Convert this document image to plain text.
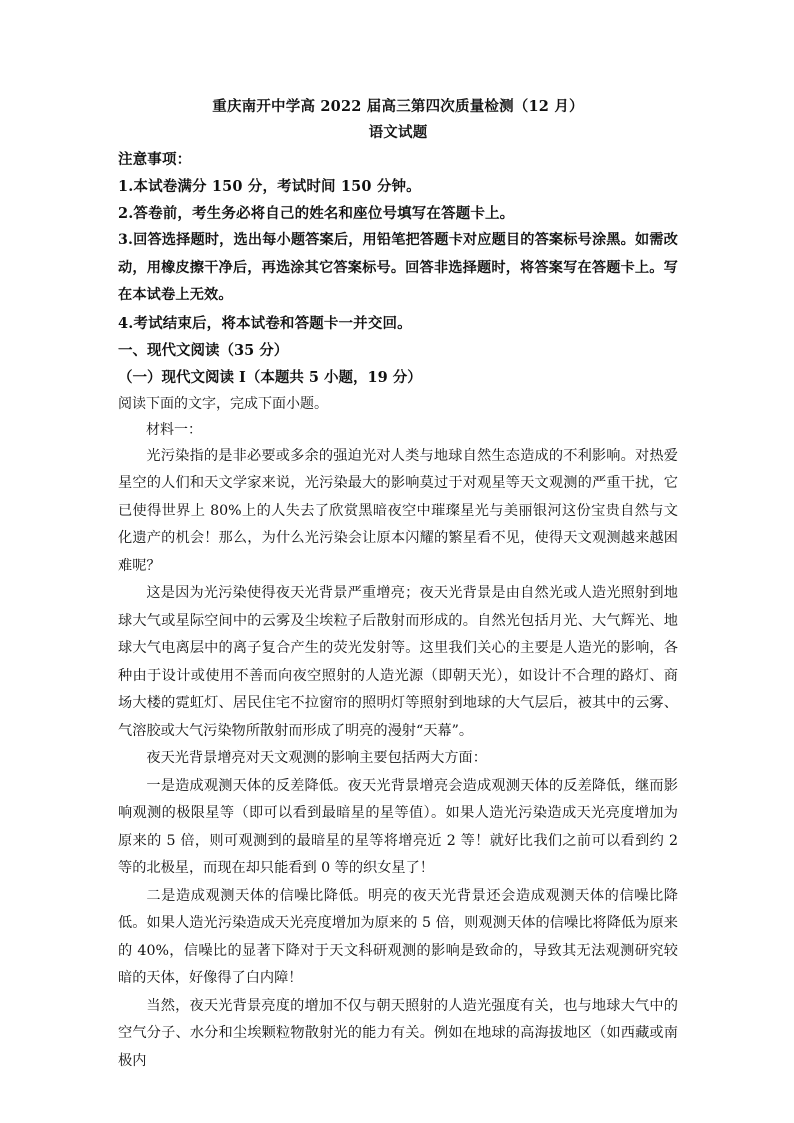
重庆南开中学高 2022 届高三第四次质量检测（12 月）
语文试题
注意事项：
1.本试卷满分 150 分，考试时间 150 分钟。
2.答卷前，考生务必将自己的姓名和座位号填写在答题卡上。
3.回答选择题时，选出每小题答案后，用铅笔把答题卡对应题目的答案标号涂黑。如需改动，用橡皮擦干净后，再选涂其它答案标号。回答非选择题时，将答案写在答题卡上。写在本试卷上无效。
4.考试结束后，将本试卷和答题卡一并交回。
一、现代文阅读（35 分）
（一）现代文阅读 I（本题共 5 小题，19 分）
阅读下面的文字，完成下面小题。
材料一：
光污染指的是非必要或多余的强迫光对人类与地球自然生态造成的不利影响。对热爱星空的人们和天文学家来说，光污染最大的影响莫过于对观星等天文观测的严重干扰，它已使得世界上 80%上的人失去了欣赏黑暗夜空中璀璨星光与美丽银河这份宝贵自然与文化遗产的机会！那么，为什么光污染会让原本闪耀的繁星看不见，使得天文观测越来越困难呢？
这是因为光污染使得夜天光背景严重增亮；夜天光背景是由自然光或人造光照射到地球大气或星际空间中的云雾及尘埃粒子后散射而形成的。自然光包括月光、大气辉光、地球大气电离层中的离子复合产生的荧光发射等。这里我们关心的主要是人造光的影响，各种由于设计或使用不善而向夜空照射的人造光源（即朝天光），如设计不合理的路灯、商场大楼的霓虹灯、居民住宅不拉窗帘的照明灯等照射到地球的大气层后，被其中的云雾、气溶胶或大气污染物所散射而形成了明亮的漫射“天幕”。
夜天光背景增亮对天文观测的影响主要包括两大方面：
一是造成观测天体的反差降低。夜天光背景增亮会造成观测天体的反差降低，继而影响观测的极限星等（即可以看到最暗星的星等值）。如果人造光污染造成天光亮度增加为原来的 5 倍，则可观测到的最暗星的星等将增亮近 2 等！就好比我们之前可以看到约 2 等的北极星，而现在却只能看到 0 等的织女星了！
二是造成观测天体的信噪比降低。明亮的夜天光背景还会造成观测天体的信噪比降低。如果人造光污染造成天光亮度增加为原来的 5 倍，则观测天体的信噪比将降低为原来的 40%，信噪比的显著下降对于天文科研观测的影响是致命的，导致其无法观测研究较暗的天体，好像得了白内障！
当然，夜天光背景亮度的增加不仅与朝天照射的人造光强度有关，也与地球大气中的空气分子、水分和尘埃颗粒物散射光的能力有关。例如在地球的高海拔地区（如西藏或南极内
